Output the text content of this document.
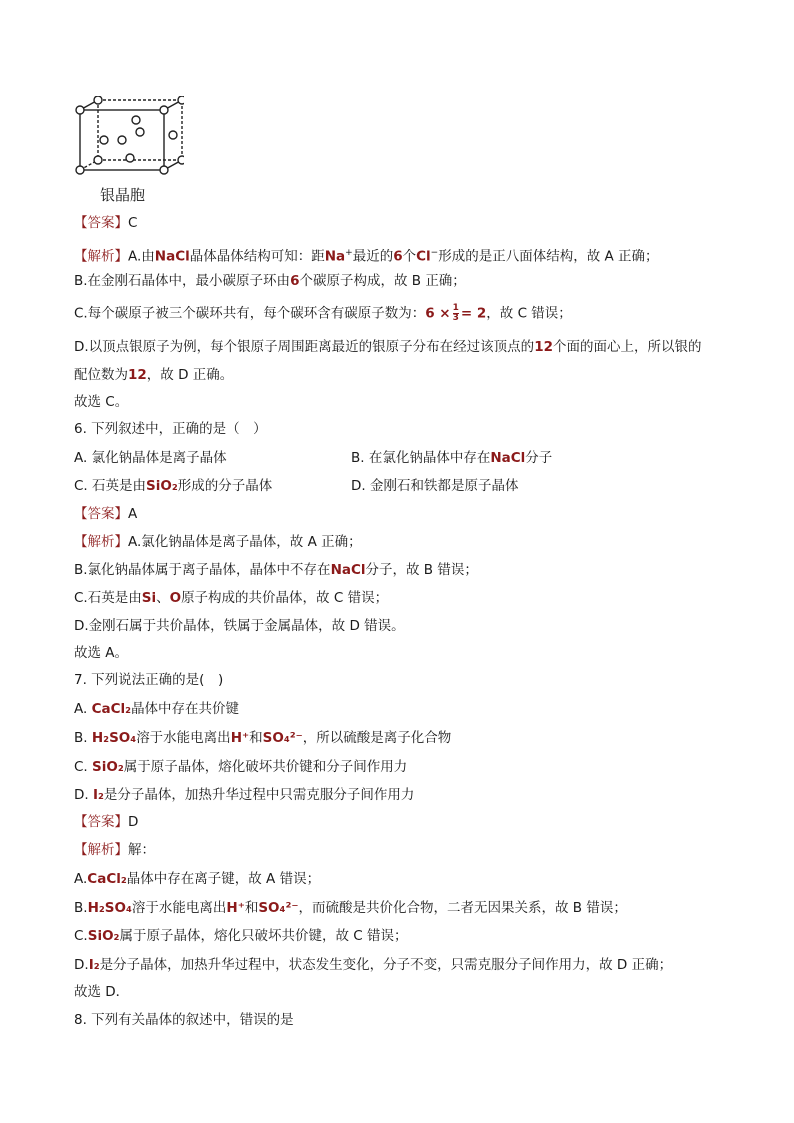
银晶胞
【答案】C
【解析】A.由NaCl晶体晶体结构可知：距Na+最近的6个Cl−形成的是正八面体结构，故 A 正确；
B.在金刚石晶体中，最小碳原子环由6个碳原子构成，故 B 正确；
C.每个碳原子被三个碳环共有，每个碳环含有碳原子数为：$6 \times \frac{1}{3} = 2$，故 C 错误；
D.以顶点银原子为例，每个银原子周围距离最近的银原子分布在经过该顶点的12个面的面心上，所以银的
配位数为12，故 D 正确。
故选 C。
6. 下列叙述中，正确的是（　）
A. 氯化钠晶体是离子晶体	B. 在氯化钠晶体中存在NaCl分子
C. 石英是由SiO₂形成的分子晶体	D. 金刚石和铁都是原子晶体
【答案】A
【解析】A.氯化钠晶体是离子晶体，故 A 正确；
B.氯化钠晶体属于离子晶体，晶体中不存在NaCl分子，故 B 错误；
C.石英是由Si、O原子构成的共价晶体，故 C 错误；
D.金刚石属于共价晶体，铁属于金属晶体，故 D 错误。
故选 A。
7. 下列说法正确的是(　)
A. CaCl₂晶体中存在共价键
B. H₂SO₄溶于水能电离出H⁺和SO₄²⁻，所以硫酸是离子化合物
C. SiO₂属于原子晶体，熔化破坏共价键和分子间作用力
D. I₂是分子晶体，加热升华过程中只需克服分子间作用力
【答案】D
【解析】解：
A.CaCl₂晶体中存在离子键，故 A 错误；
B.H₂SO₄溶于水能电离出H⁺和SO₄²⁻，而硫酸是共价化合物，二者无因果关系，故 B 错误；
C.SiO₂属于原子晶体，熔化只破坏共价键，故 C 错误；
D.I₂是分子晶体，加热升华过程中，状态发生变化，分子不变，只需克服分子间作用力，故 D 正确；
故选 D．
8. 下列有关晶体的叙述中，错误的是
